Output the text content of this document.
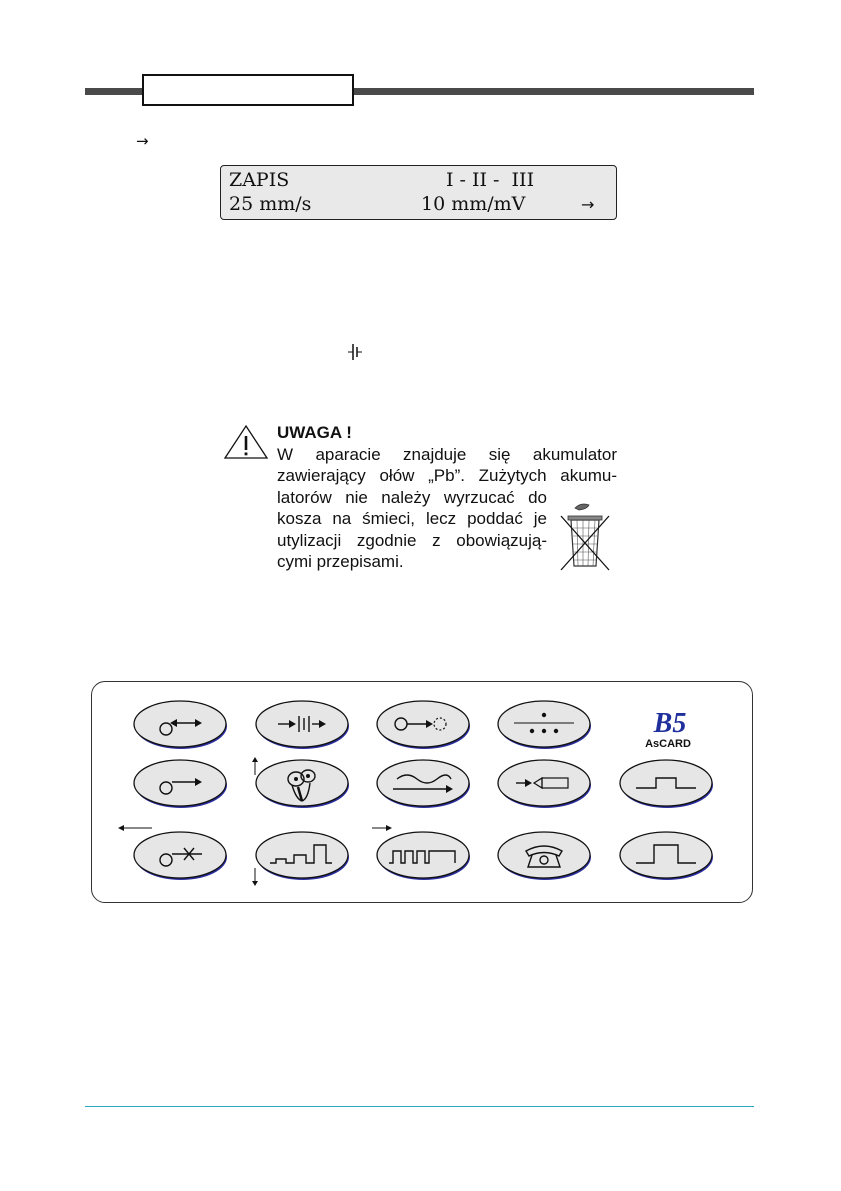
→
ZAPIS	I - II -  III
25 mm/s	10 mm/mV	→
UWAGA !
W aparacie znajduje się akumulator
zawierający ołów „Pb”. Zużytych akumu-
latorów nie należy wyrzucać do
kosza na śmieci, lecz poddać je
utylizacji zgodnie z obowiązują-
cymi przepisami.
B5
AsCARD
